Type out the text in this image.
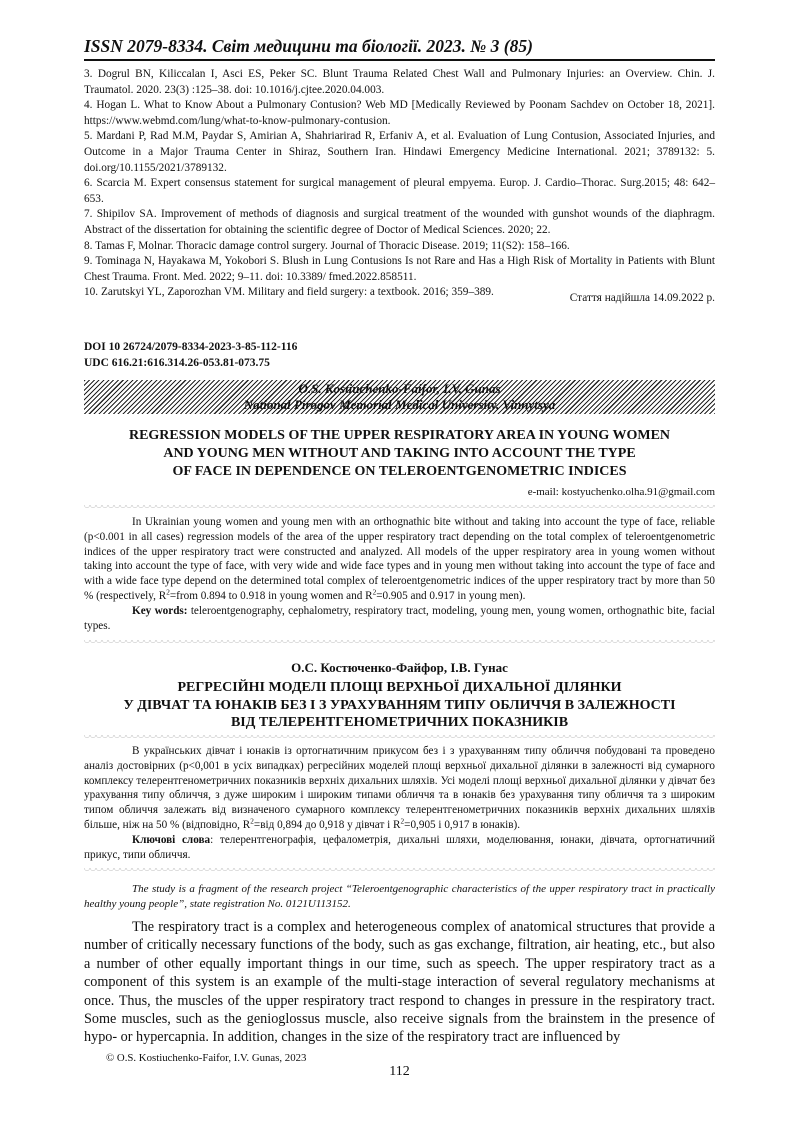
ISSN 2079-8334. Світ медицини та біології. 2023. № 3 (85)

3. Dogrul BN, Kiliccalan I, Asci ES, Peker SC. Blunt Trauma Related Chest Wall and Pulmonary Injuries: an Overview. Chin. J. Traumatol. 2020. 23(3) :125–38. doi: 10.1016/j.cjtee.2020.04.003.

4. Hogan L. What to Know About a Pulmonary Contusion? Web MD [Medically Reviewed by Poonam Sachdev on October 18, 2021]. https://www.webmd.com/lung/what-to-know-pulmonary-contusion.

5. Mardani P, Rad M.M, Paydar S, Amirian A, Shahriarirad R, Erfaniv A, et al. Evaluation of Lung Contusion, Associated Injuries, and Outcome in a Major Trauma Center in Shiraz, Southern Iran. Hindawi Emergency Medicine International. 2021; 3789132: 5. doi.org/10.1155/2021/3789132.

6. Scarcia M. Expert consensus statement for surgical management of pleural empyema. Europ. J. Cardio–Thorac. Surg.2015; 48: 642–653.

7. Shipilov SA. Improvement of methods of diagnosis and surgical treatment of the wounded with gunshot wounds of the diaphragm. Abstract of the dissertation for obtaining the scientific degree of Doctor of Medical Sciences. 2020; 22.

8. Tamas F, Molnar. Thoracic damage control surgery. Journal of Thoracic Disease. 2019; 11(S2): 158–166.

9. Tominaga N, Hayakawa M, Yokobori S. Blush in Lung Contusions Is not Rare and Has a High Risk of Mortality in Patients with Blunt Chest Trauma. Front. Med. 2022; 9–11. doi: 10.3389/ fmed.2022.858511.

10. Zarutskyi YL, Zaporozhan VM. Military and field surgery: a textbook. 2016; 359–389.	Стаття надійшла 14.09.2022 р.
DOI 10 26724/2079-8334-2023-3-85-112-116
UDC 616.21:616.314.26-053.81-073.75
O.S. Kostiuchenko-Faifor, I.V. Gunas
National Pirogov Memorial Medical University, Vinnytsya
REGRESSION MODELS OF THE UPPER RESPIRATORY AREA IN YOUNG WOMEN
AND YOUNG MEN WITHOUT AND TAKING INTO ACCOUNT THE TYPE
OF FACE IN DEPENDENCE ON TELEROENTGENOMETRIC INDICES
e-mail: kostyuchenko.olha.91@gmail.com

In Ukrainian young women and young men with an orthognathic bite without and taking into account the type of face, reliable (p<0.001 in all cases) regression models of the area of the upper respiratory tract depending on the total complex of teleroentgenometric indices of the upper respiratory tract were constructed and analyzed. All models of the upper respiratory area in young women without taking into account the type of face, with very wide and wide face types and in young men without taking into account the type of face and with a wide face type depend on the determined total complex of teleroentgenometric indices of the upper respiratory tract by more than 50 % (respectively, $R^2=from$ 0.894 to 0.918 in young women and $R^2=0.905$ and 0.917 in young men).

Key words: teleroentgenography, cephalometry, respiratory tract, modeling, young men, young women, orthognathic bite, facial types.

О.С. Костюченко-Файфор, І.В. Гунас
РЕГРЕСІЙНІ МОДЕЛІ ПЛОЩІ ВЕРХНЬОЇ ДИХАЛЬНОЇ ДІЛЯНКИ
У ДІВЧАТ ТА ЮНАКІВ БЕЗ І З УРАХУВАННЯМ ТИПУ ОБЛИЧЧЯ В ЗАЛЕЖНОСТІ
ВІД ТЕЛЕРЕНТГЕНОМЕТРИЧНИХ ПОКАЗНИКІВ

В українських дівчат і юнаків із ортогнатичним прикусом без і з урахуванням типу обличчя побудовані та проведено аналіз достовірних (p<0,001 в усіх випадках) регресійних моделей площі верхньої дихальної ділянки в залежності від сумарного комплексу телерентгенометричних показників верхніх дихальних шляхів. Усі моделі площі верхньої дихальної ділянки у дівчат без урахування типу обличчя, з дуже широким і широким типами обличчя та в юнаків без урахування типу обличчя та з широким типом обличчя залежать від визначеного сумарного комплексу телерентгенометричних показників верхніх дихальних шляхів більше, ніж на 50 % (відповідно, $R^2=від$ 0,894 до 0,918 у дівчат і $R^2=0,905$ і 0,917 в юнаків).

Ключові слова: телерентгенографія, цефалометрія, дихальні шляхи, моделювання, юнаки, дівчата, ортогнатичний прикус, типи обличчя.

The study is a fragment of the research project “Teleroentgenographic characteristics of the upper respiratory tract in practically healthy young people”, state registration No. 0121U113152.
The respiratory tract is a complex and heterogeneous complex of anatomical structures that provide a number of critically necessary functions of the body, such as gas exchange, filtration, air heating, etc., but also a number of other equally important things in our time, such as speech. The upper respiratory tract as a component of this system is an example of the multi-stage interaction of several regulatory mechanisms at once. Thus, the muscles of the upper respiratory tract respond to changes in pressure in the respiratory tract. Some muscles, such as the genioglossus muscle, also receive signals from the brainstem in the presence of hypo- or hypercapnia. In addition, changes in the size of the respiratory tract are influenced by
© O.S. Kostiuchenko-Faifor, I.V. Gunas, 2023
112
